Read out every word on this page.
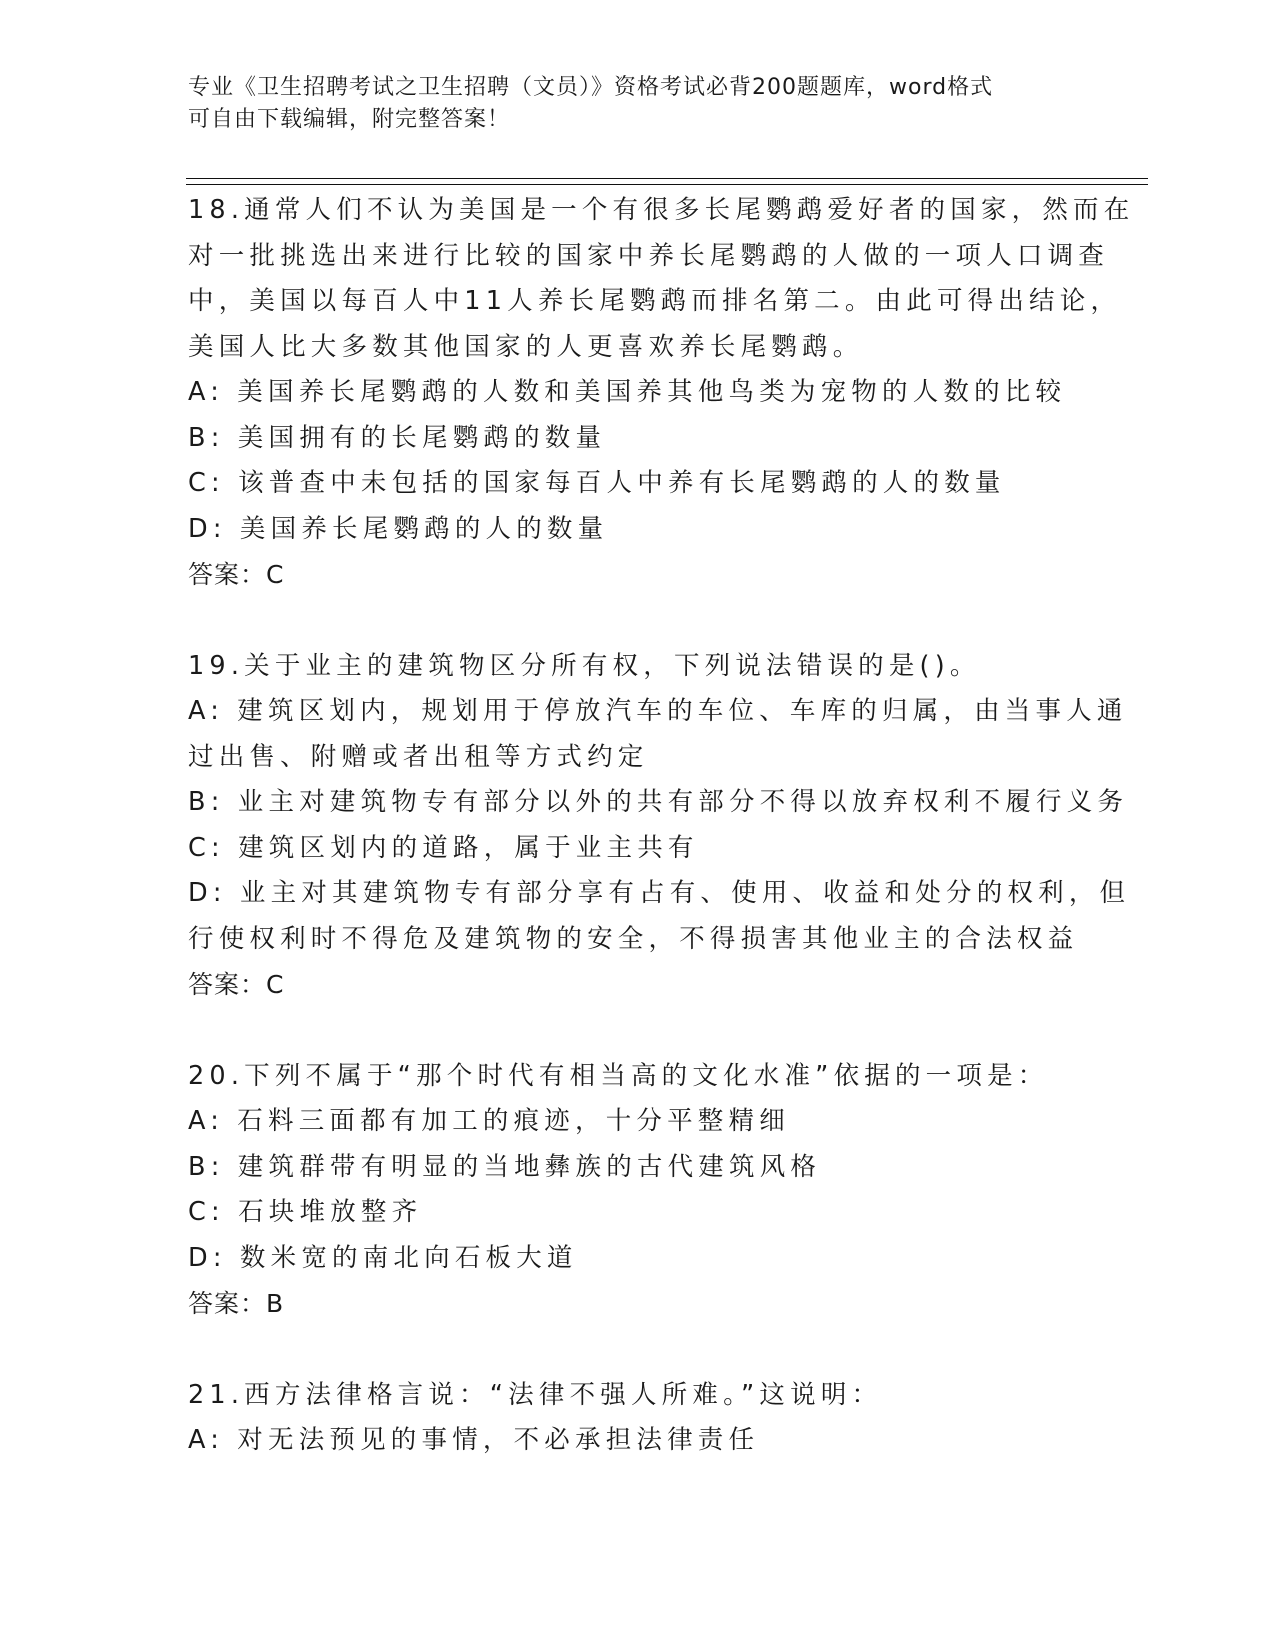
专业《卫生招聘考试之卫生招聘（文员）》资格考试必背200题题库，word格式
可自由下载编辑，附完整答案！
18.通常人们不认为美国是一个有很多长尾鹦鹉爱好者的国家，然而在
对一批挑选出来进行比较的国家中养长尾鹦鹉的人做的一项人口调查
中，美国以每百人中11人养长尾鹦鹉而排名第二。由此可得出结论，
美国人比大多数其他国家的人更喜欢养长尾鹦鹉。
A: 美国养长尾鹦鹉的人数和美国养其他鸟类为宠物的人数的比较
B: 美国拥有的长尾鹦鹉的数量
C: 该普查中未包括的国家每百人中养有长尾鹦鹉的人的数量
D: 美国养长尾鹦鹉的人的数量
答案：C
19.关于业主的建筑物区分所有权，下列说法错误的是()。
A: 建筑区划内，规划用于停放汽车的车位、车库的归属，由当事人通
过出售、附赠或者出租等方式约定
B: 业主对建筑物专有部分以外的共有部分不得以放弃权利不履行义务
C: 建筑区划内的道路，属于业主共有
D: 业主对其建筑物专有部分享有占有、使用、收益和处分的权利，但
行使权利时不得危及建筑物的安全，不得损害其他业主的合法权益
答案：C
20.下列不属于“那个时代有相当高的文化水准”依据的一项是：
A: 石料三面都有加工的痕迹，十分平整精细
B: 建筑群带有明显的当地彝族的古代建筑风格
C: 石块堆放整齐
D: 数米宽的南北向石板大道
答案：B
21.西方法律格言说：“法律不强人所难。”这说明：
A: 对无法预见的事情，不必承担法律责任
